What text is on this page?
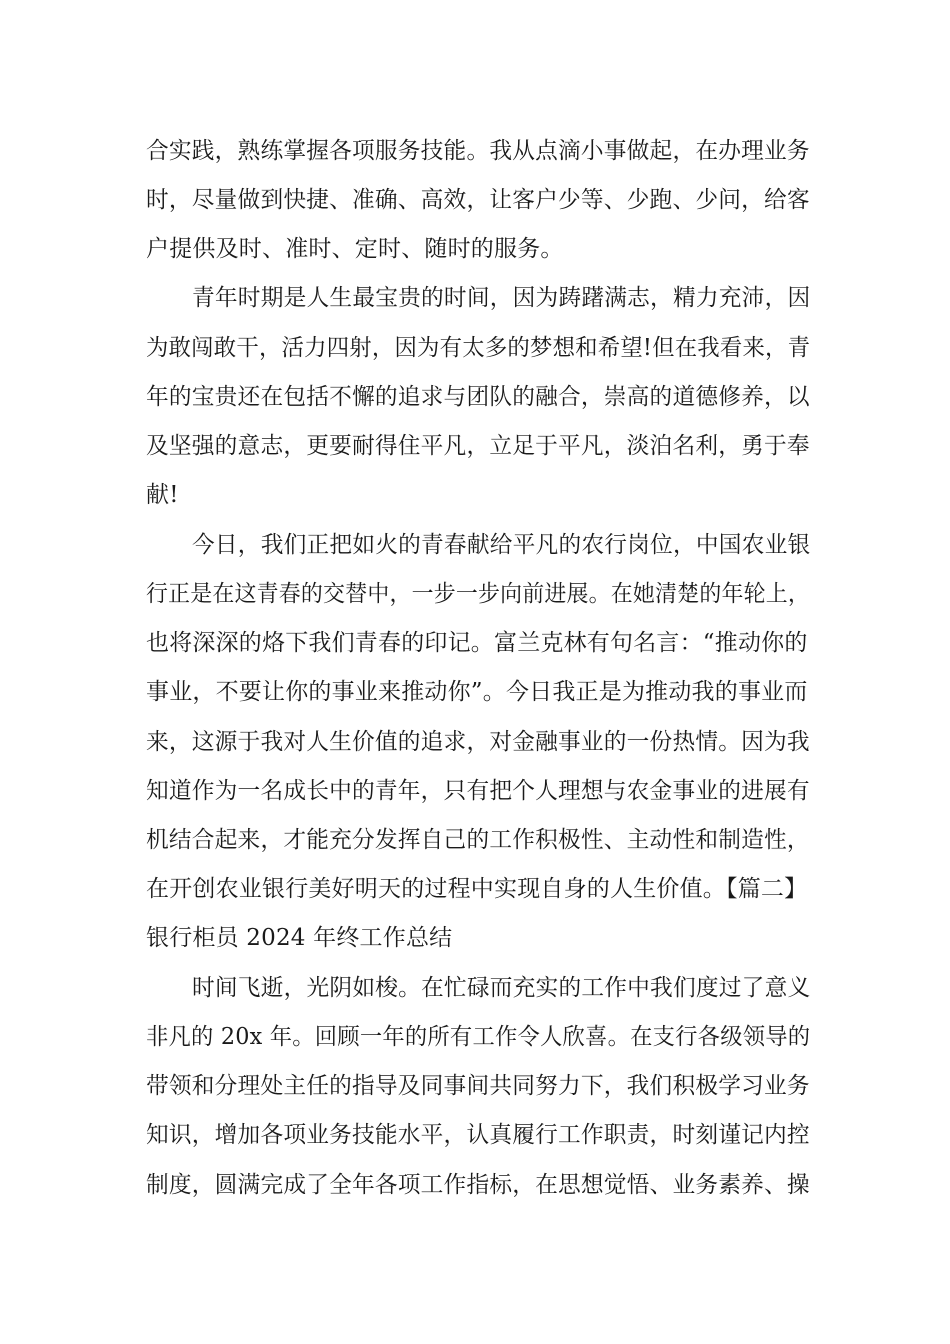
合实践，熟练掌握各项服务技能。我从点滴小事做起，在办理业务
时，尽量做到快捷、准确、高效，让客户少等、少跑、少问，给客
户提供及时、准时、定时、随时的服务。
青年时期是人生最宝贵的时间，因为踌躇满志，精力充沛，因
为敢闯敢干，活力四射，因为有太多的梦想和希望!但在我看来，青
年的宝贵还在包括不懈的追求与团队的融合，崇高的道德修养，以
及坚强的意志，更要耐得住平凡，立足于平凡，淡泊名利，勇于奉
献!
今日，我们正把如火的青春献给平凡的农行岗位，中国农业银
行正是在这青春的交替中，一步一步向前进展。在她清楚的年轮上，
也将深深的烙下我们青春的印记。富兰克林有句名言：“推动你的
事业，不要让你的事业来推动你”。今日我正是为推动我的事业而
来，这源于我对人生价值的追求，对金融事业的一份热情。因为我
知道作为一名成长中的青年，只有把个人理想与农金事业的进展有
机结合起来，才能充分发挥自己的工作积极性、主动性和制造性，
在开创农业银行美好明天的过程中实现自身的人生价值。【篇二】
银行柜员 2024 年终工作总结
时间飞逝，光阴如梭。在忙碌而充实的工作中我们度过了意义
非凡的 20x 年。回顾一年的所有工作令人欣喜。在支行各级领导的
带领和分理处主任的指导及同事间共同努力下，我们积极学习业务
知识，增加各项业务技能水平，认真履行工作职责，时刻谨记内控
制度，圆满完成了全年各项工作指标，在思想觉悟、业务素养、操
